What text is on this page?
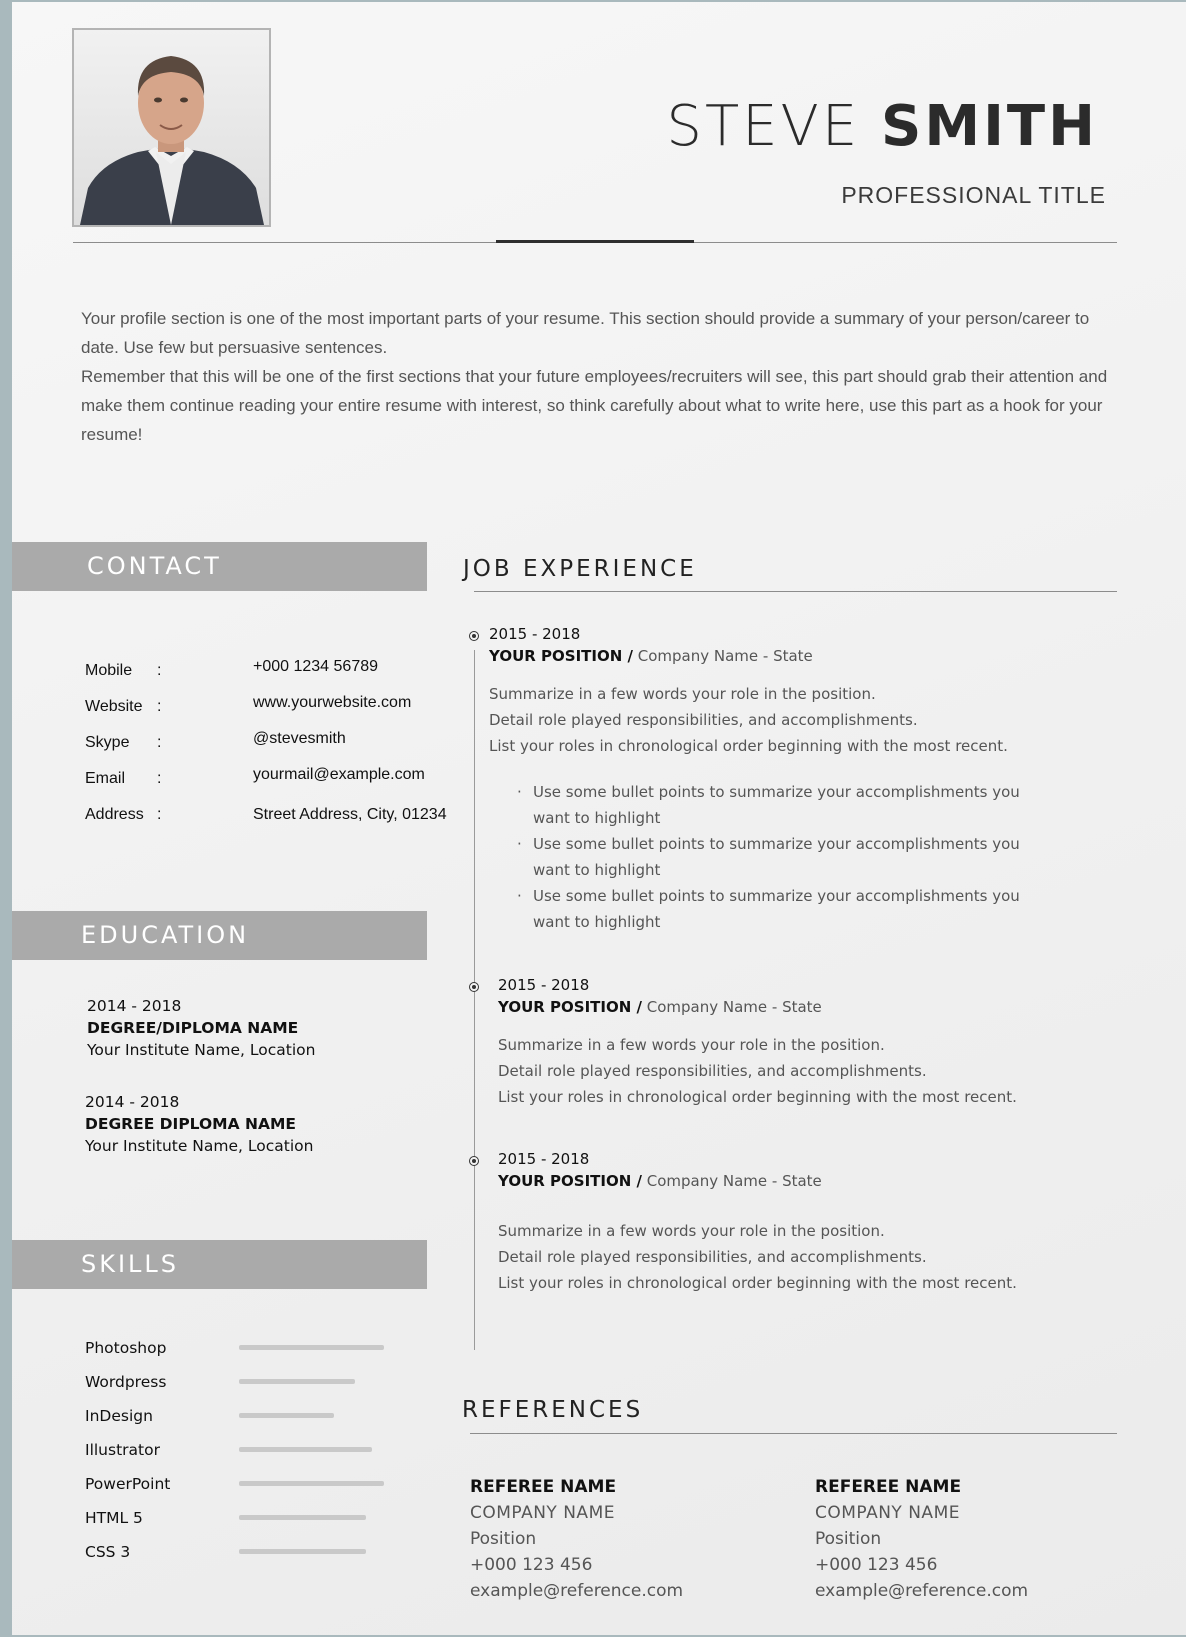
STEVE SMITH
PROFESSIONAL TITLE

Your profile section is one of the most important parts of your resume. This section should provide a summary of your person/career to date. Use few but persuasive sentences.

Remember that this will be one of the first sections that your future employees/recruiters will see, this part should grab their attention and make them continue reading your entire resume with interest, so think carefully about what to write here, use this part as a hook for your resume!

CONTACT
Mobile :	+000 1234 56789
Website :	www.yourwebsite.com
Skype :	@stevesmith
Email :	yourmail@example.com
Address :	Street Address, City, 01234
EDUCATION
2014 - 2018
DEGREE/DIPLOMA NAME
Your Institute Name, Location
2014 - 2018
DEGREE DIPLOMA NAME
Your Institute Name, Location
SKILLS
Photoshop
Wordpress
InDesign
Illustrator
PowerPoint
HTML 5
CSS 3
JOB EXPERIENCE
2015 - 2018
YOUR POSITION / Company Name - State
Summarize in a few words your role in the position.
Detail role played responsibilities, and accomplishments.
List your roles in chronological order beginning with the most recent.
· Use some bullet points to summarize your accomplishments you want to highlight
· Use some bullet points to summarize your accomplishments you want to highlight
· Use some bullet points to summarize your accomplishments you want to highlight
2015 - 2018
YOUR POSITION / Company Name - State
Summarize in a few words your role in the position.
Detail role played responsibilities, and accomplishments.
List your roles in chronological order beginning with the most recent.
2015 - 2018
YOUR POSITION / Company Name - State
Summarize in a few words your role in the position.
Detail role played responsibilities, and accomplishments.
List your roles in chronological order beginning with the most recent.
REFERENCES
REFEREE NAME
COMPANY NAME
Position
+000 123 456
example@reference.com
REFEREE NAME
COMPANY NAME
Position
+000 123 456
example@reference.com
